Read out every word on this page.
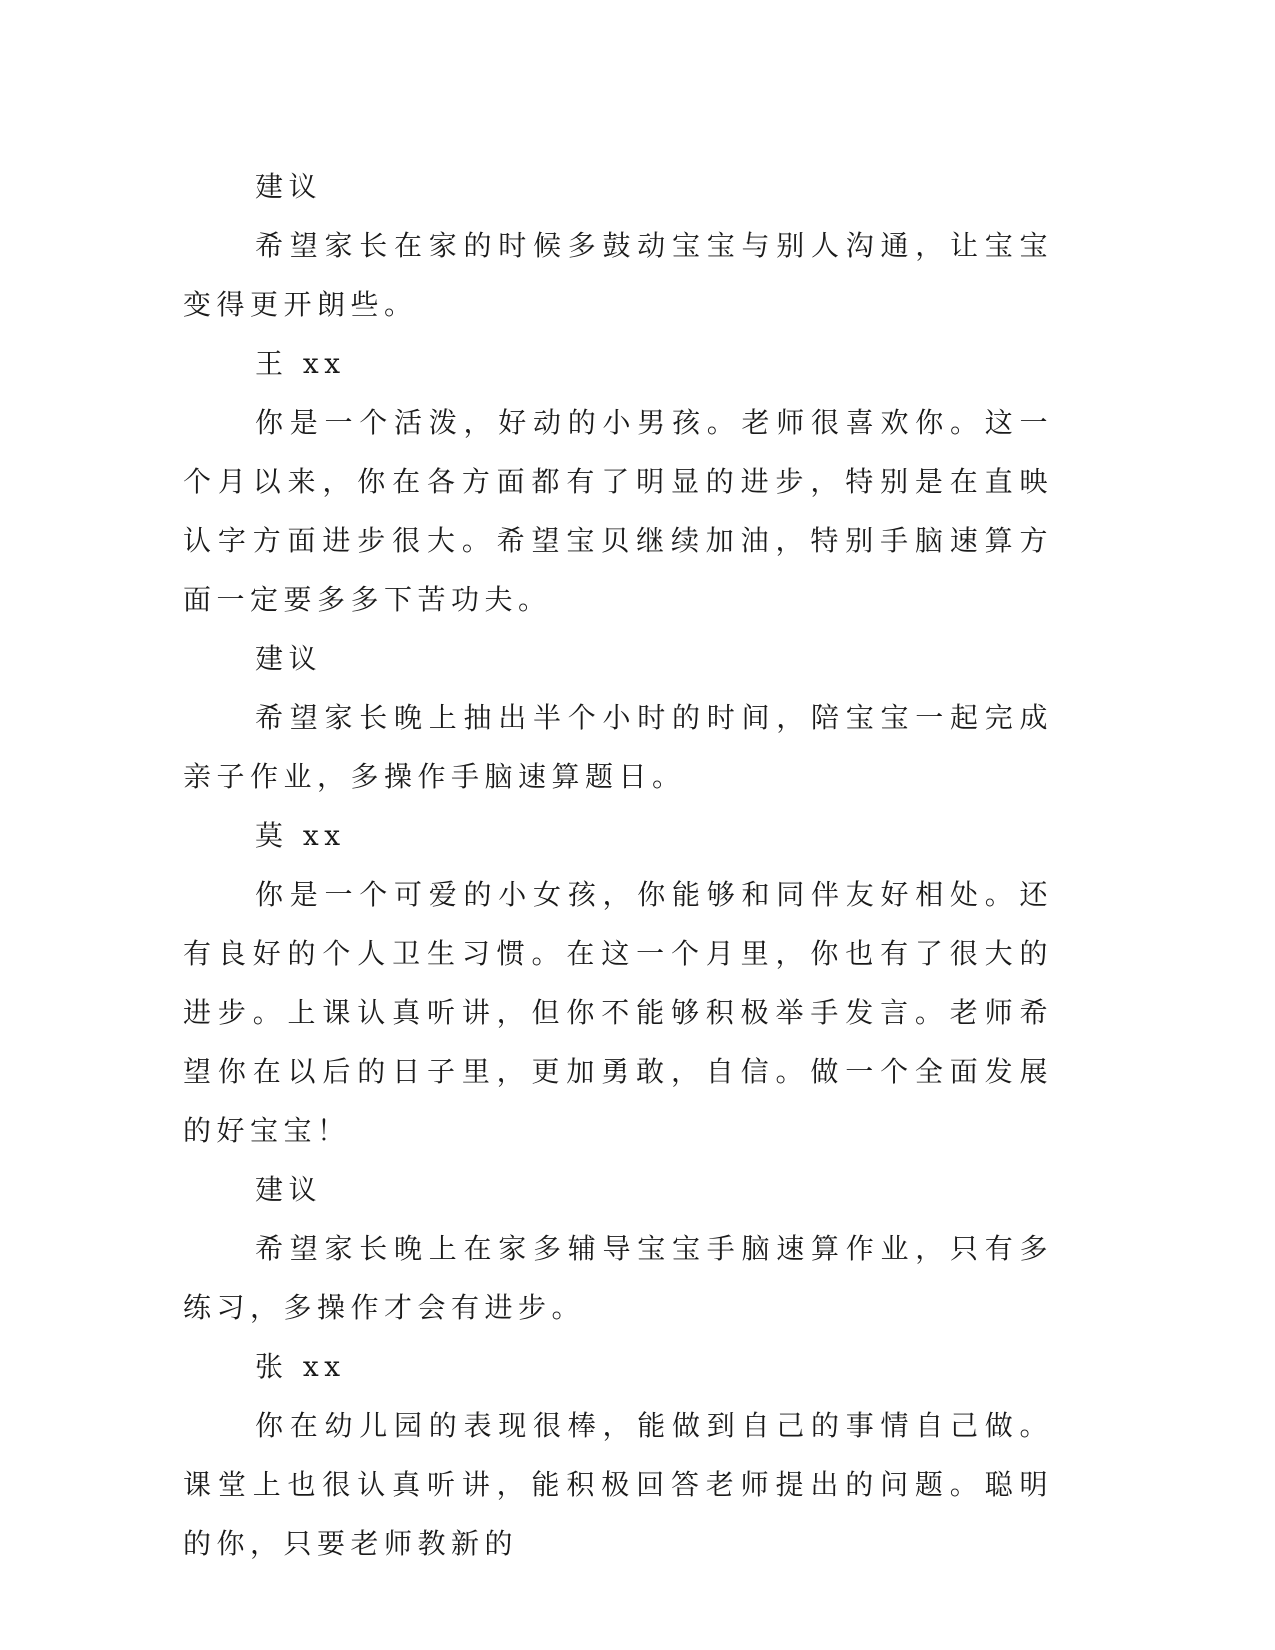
建议

希望家长在家的时候多鼓动宝宝与别人沟通，让宝宝变得更开朗些。

王 xx

你是一个活泼，好动的小男孩。老师很喜欢你。这一个月以来，你在各方面都有了明显的进步，特别是在直映认字方面进步很大。希望宝贝继续加油，特别手脑速算方面一定要多多下苦功夫。

建议

希望家长晚上抽出半个小时的时间，陪宝宝一起完成亲子作业，多操作手脑速算题日。

莫 xx

你是一个可爱的小女孩，你能够和同伴友好相处。还有良好的个人卫生习惯。在这一个月里，你也有了很大的进步。上课认真听讲，但你不能够积极举手发言。老师希望你在以后的日子里，更加勇敢，自信。做一个全面发展的好宝宝！

建议

希望家长晚上在家多辅导宝宝手脑速算作业，只有多练习，多操作才会有进步。

张 xx

你在幼儿园的表现很棒，能做到自己的事情自己做。课堂上也很认真听讲，能积极回答老师提出的问题。聪明的你，只要老师教新的
